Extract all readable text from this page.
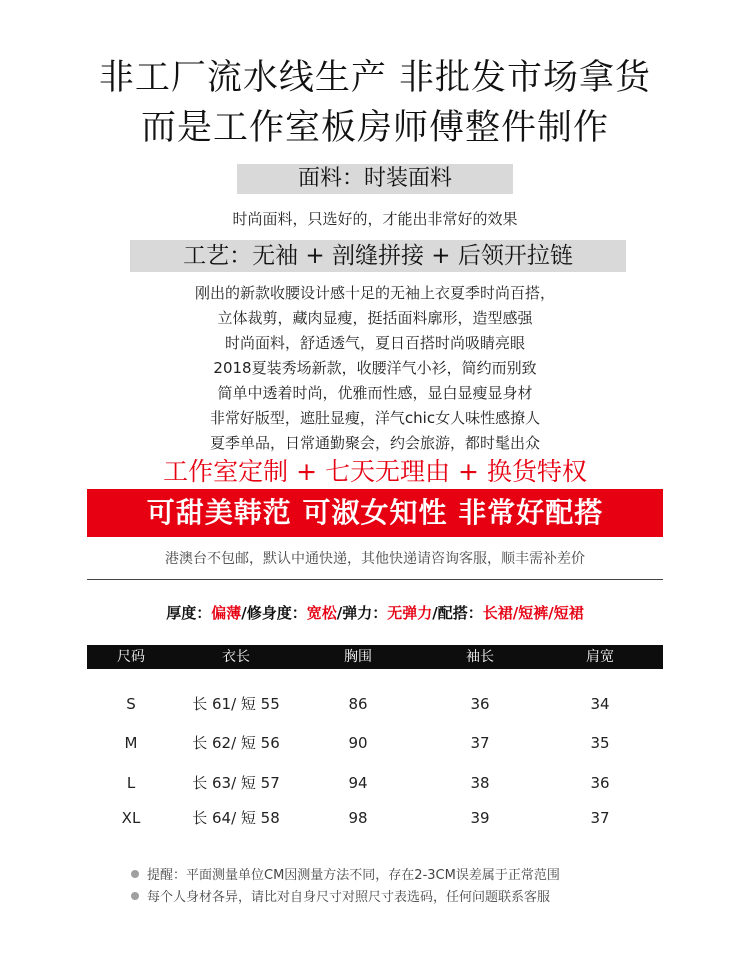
非工厂流水线生产 非批发市场拿货
而是工作室板房师傅整件制作
面料：时装面料
时尚面料，只选好的，才能出非常好的效果
工艺：无袖 + 剖缝拼接 + 后领开拉链
刚出的新款收腰设计感十足的无袖上衣夏季时尚百搭，
立体裁剪，藏肉显瘦，挺括面料廓形，造型感强
时尚面料，舒适透气，夏日百搭时尚吸睛亮眼
2018夏装秀场新款，收腰洋气小衫，简约而别致
简单中透着时尚，优雅而性感，显白显瘦显身材
非常好版型，遮肚显瘦，洋气chic女人味性感撩人
夏季单品，日常通勤聚会，约会旅游，都时髦出众
工作室定制 + 七天无理由 + 换货特权
可甜美韩范 可淑女知性 非常好配搭
港澳台不包邮，默认中通快递，其他快递请咨询客服，顺丰需补差价
厚度：偏薄/修身度：宽松/弹力：无弹力/配搭：长裙/短裤/短裙
尺码	衣长	胸围	袖长	肩宽
S	长 61/ 短 55	86	36	34
M	长 62/ 短 56	90	37	35
L	长 63/ 短 57	94	38	36
XL	长 64/ 短 58	98	39	37
提醒：平面测量单位CM因测量方法不同，存在2-3CM误差属于正常范围
每个人身材各异，请比对自身尺寸对照尺寸表选码，任何问题联系客服
